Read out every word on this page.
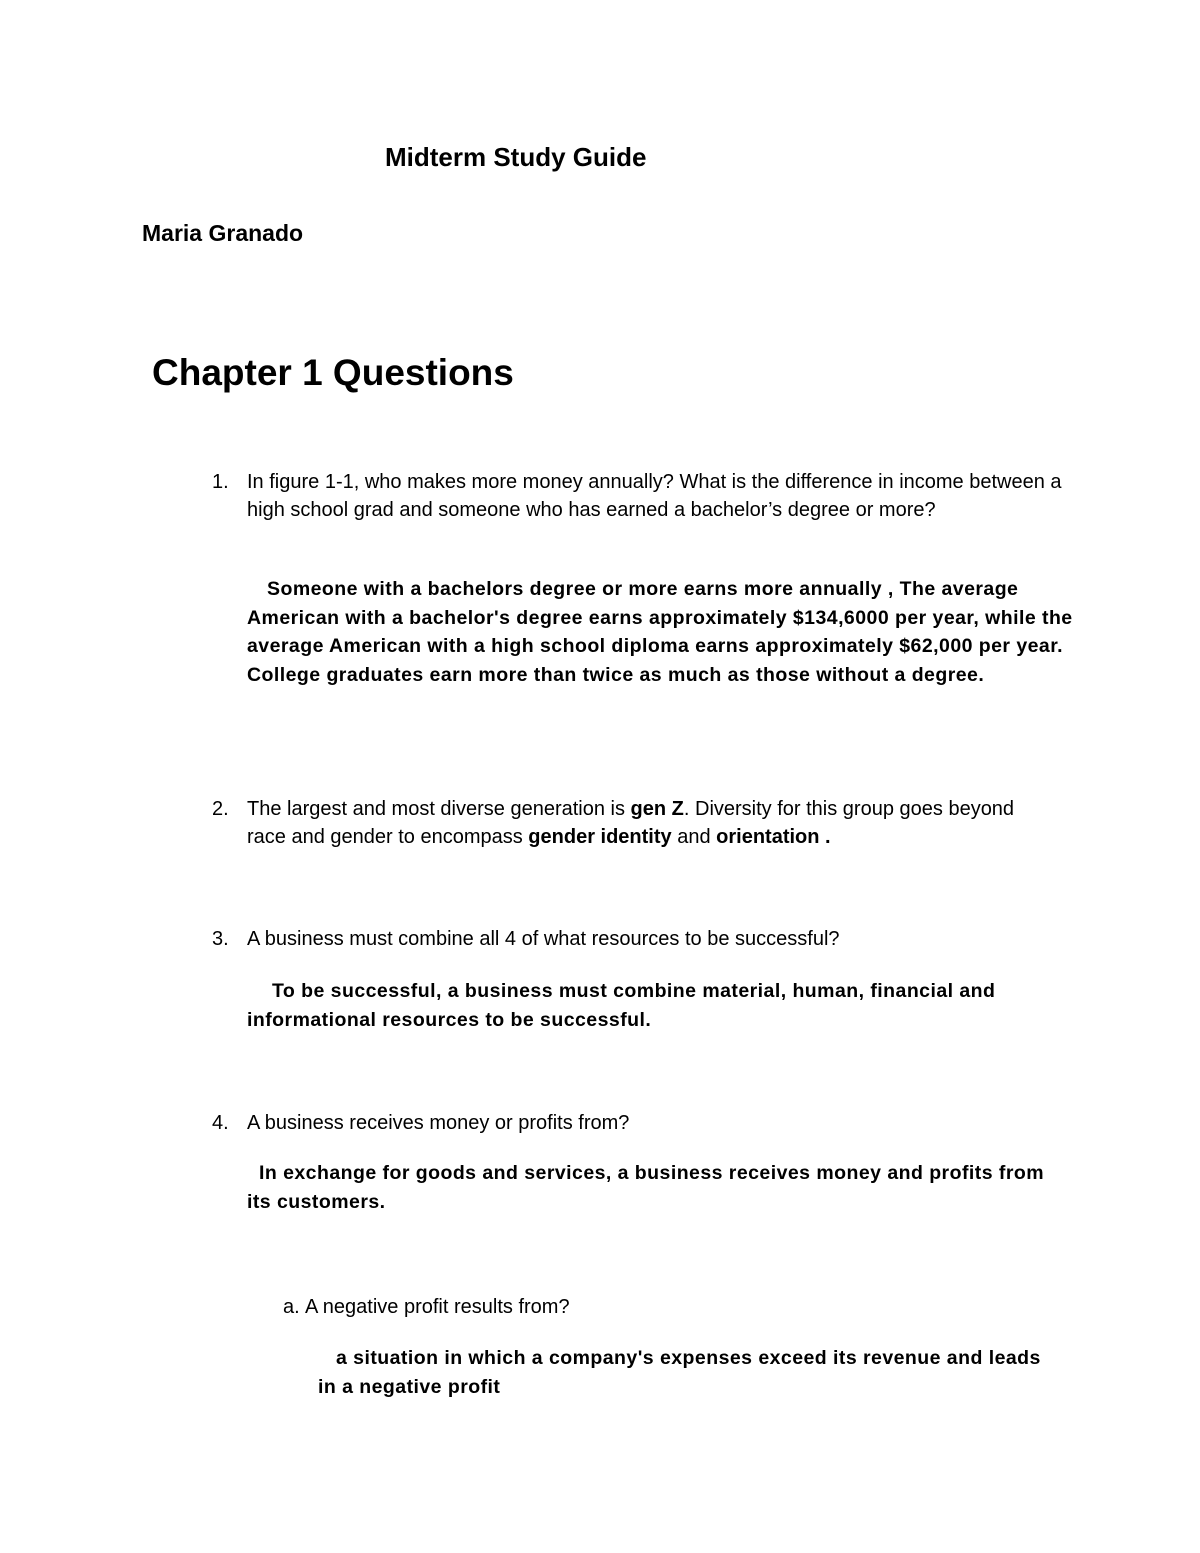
Midterm Study Guide
Maria Granado
Chapter 1 Questions
1. In figure 1-1, who makes more money annually? What is the difference in income between a high school grad and someone who has earned a bachelor’s degree or more?
Someone with a bachelors degree or more earns more annually , The average American with a bachelor's degree earns approximately $134,6000 per year, while the average American with a high school diploma earns approximately $62,000 per year. College graduates earn more than twice as much as those without a degree.
2. The largest and most diverse generation is gen Z. Diversity for this group goes beyond race and gender to encompass gender identity and orientation .
3. A business must combine all 4 of what resources to be successful?
To be successful, a business must combine material, human, financial and informational resources to be successful.
4. A business receives money or profits from?
In exchange for goods and services, a business receives money and profits from its customers.
a. A negative profit results from?
a situation in which a company's expenses exceed its revenue and leads in a negative profit
